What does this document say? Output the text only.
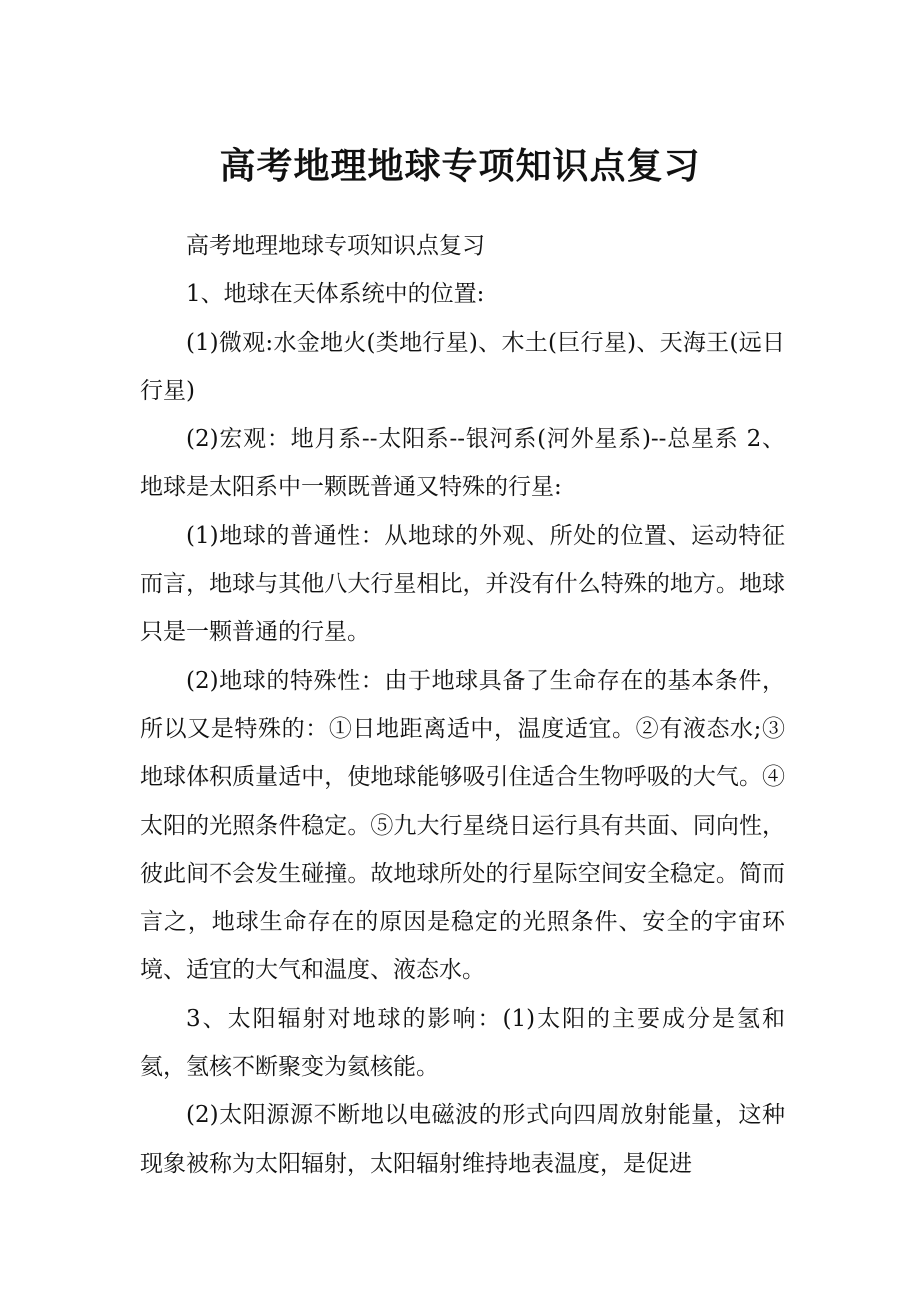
高考地理地球专项知识点复习

高考地理地球专项知识点复习

1、地球在天体系统中的位置:

(1)微观:水金地火(类地行星)、木土(巨行星)、天海王(远日行星)

(2)宏观：地月系--太阳系--银河系(河外星系)--总星系 2、地球是太阳系中一颗既普通又特殊的行星:

(1)地球的普通性：从地球的外观、所处的位置、运动特征而言，地球与其他八大行星相比，并没有什么特殊的地方。地球只是一颗普通的行星。

(2)地球的特殊性：由于地球具备了生命存在的基本条件，所以又是特殊的：①日地距离适中，温度适宜。②有液态水;③地球体积质量适中，使地球能够吸引住适合生物呼吸的大气。④太阳的光照条件稳定。⑤九大行星绕日运行具有共面、同向性，彼此间不会发生碰撞。故地球所处的行星际空间安全稳定。简而言之，地球生命存在的原因是稳定的光照条件、安全的宇宙环境、适宜的大气和温度、液态水。

3、太阳辐射对地球的影响：(1)太阳的主要成分是氢和氦，氢核不断聚变为氦核能。

(2)太阳源源不断地以电磁波的形式向四周放射能量，这种现象被称为太阳辐射，太阳辐射维持地表温度，是促进
